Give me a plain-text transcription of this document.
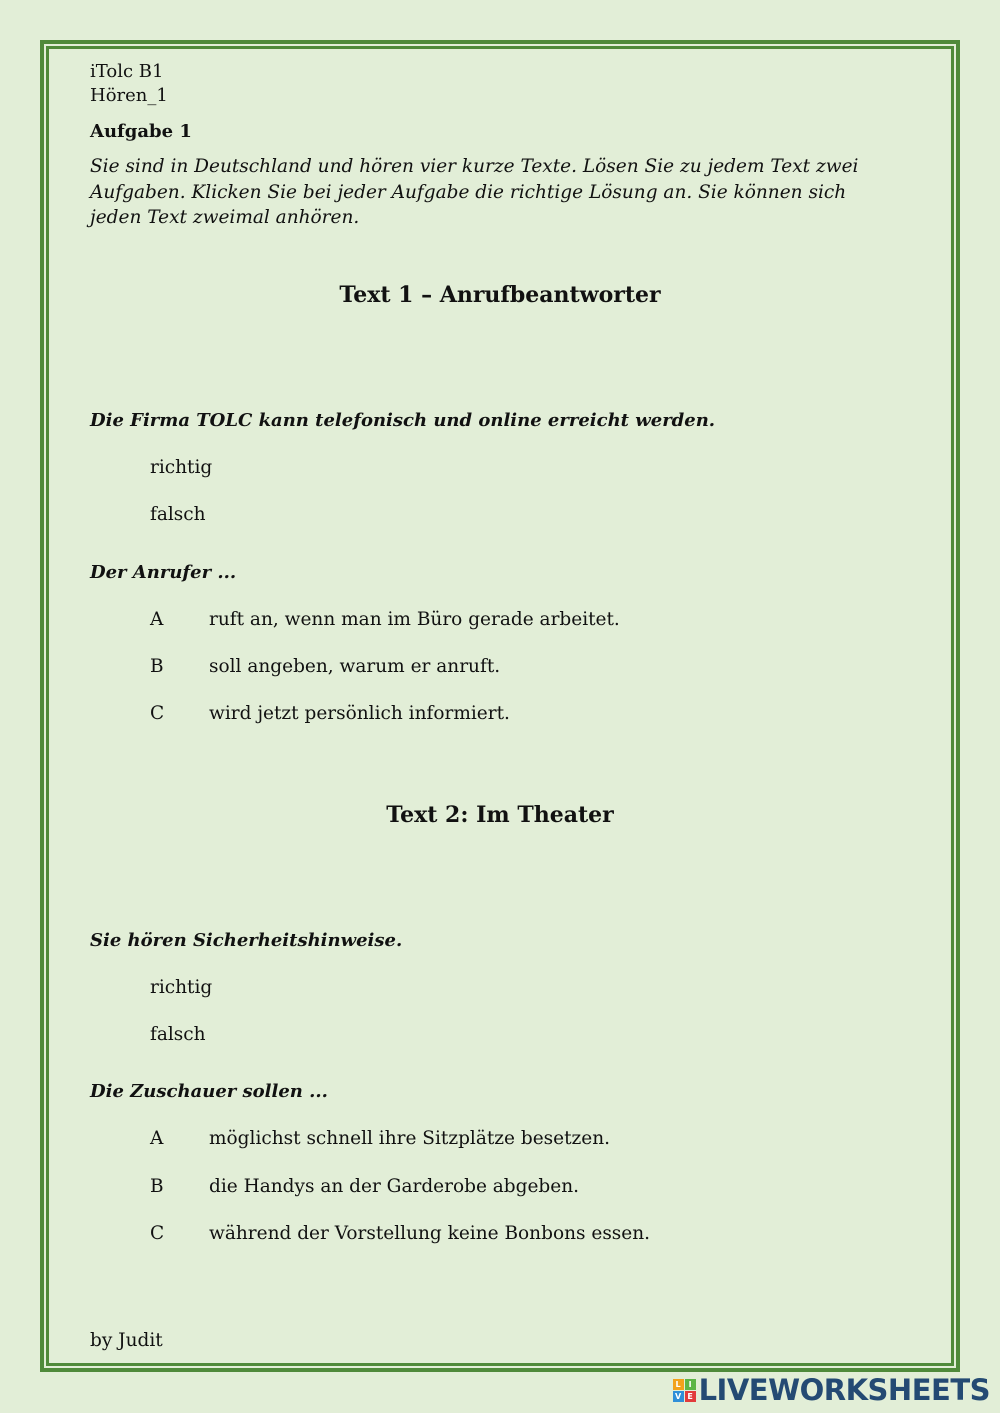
iTolc B1
Hören_1
Aufgabe 1
Sie sind in Deutschland und hören vier kurze Texte. Lösen Sie zu jedem Text zwei
Aufgaben. Klicken Sie bei jeder Aufgabe die richtige Lösung an. Sie können sich
jeden Text zweimal anhören.
Text 1 – Anrufbeantworter
Die Firma TOLC kann telefonisch und online erreicht werden.
richtig
falsch
Der Anrufer ...
A ruft an, wenn man im Büro gerade arbeitet.
B soll angeben, warum er anruft.
C wird jetzt persönlich informiert.
Text 2: Im Theater
Sie hören Sicherheitshinweise.
richtig
falsch
Die Zuschauer sollen ...
A möglichst schnell ihre Sitzplätze besetzen.
B die Handys an der Garderobe abgeben.
C während der Vorstellung keine Bonbons essen.
by Judit
L I
V E LIVEWORKSHEETS
